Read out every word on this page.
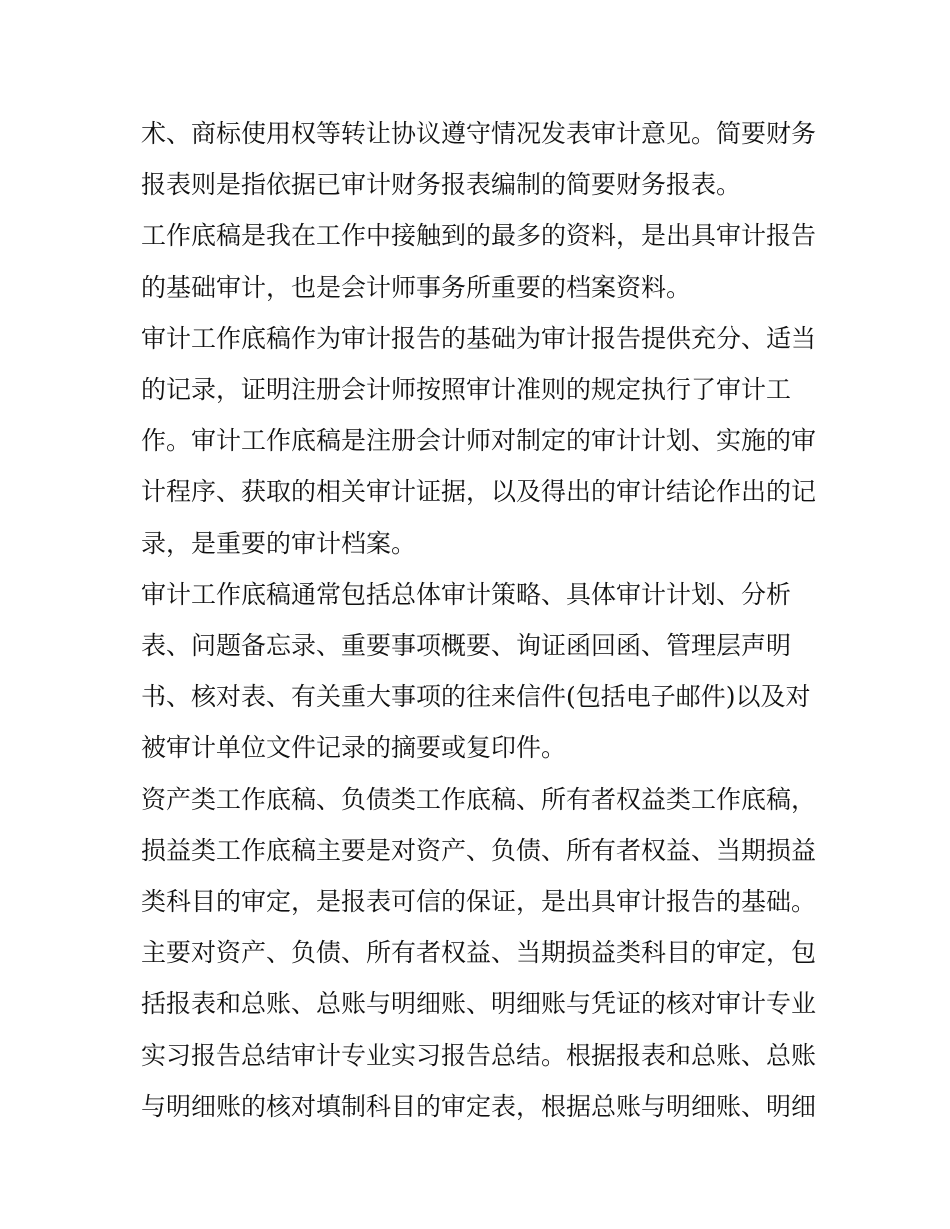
术、商标使用权等转让协议遵守情况发表审计意见。简要财务
报表则是指依据已审计财务报表编制的简要财务报表。

工作底稿是我在工作中接触到的最多的资料，是出具审计报告
的基础审计，也是会计师事务所重要的档案资料。

审计工作底稿作为审计报告的基础为审计报告提供充分、适当
的记录，证明注册会计师按照审计准则的规定执行了审计工
作。审计工作底稿是注册会计师对制定的审计计划、实施的审
计程序、获取的相关审计证据，以及得出的审计结论作出的记
录，是重要的审计档案。

审计工作底稿通常包括总体审计策略、具体审计计划、分析
表、问题备忘录、重要事项概要、询证函回函、管理层声明
书、核对表、有关重大事项的往来信件(包括电子邮件)以及对
被审计单位文件记录的摘要或复印件。

资产类工作底稿、负债类工作底稿、所有者权益类工作底稿，
损益类工作底稿主要是对资产、负债、所有者权益、当期损益
类科目的审定，是报表可信的保证，是出具审计报告的基础。

主要对资产、负债、所有者权益、当期损益类科目的审定，包
括报表和总账、总账与明细账、明细账与凭证的核对审计专业
实习报告总结审计专业实习报告总结。根据报表和总账、总账
与明细账的核对填制科目的审定表，根据总账与明细账、明细
